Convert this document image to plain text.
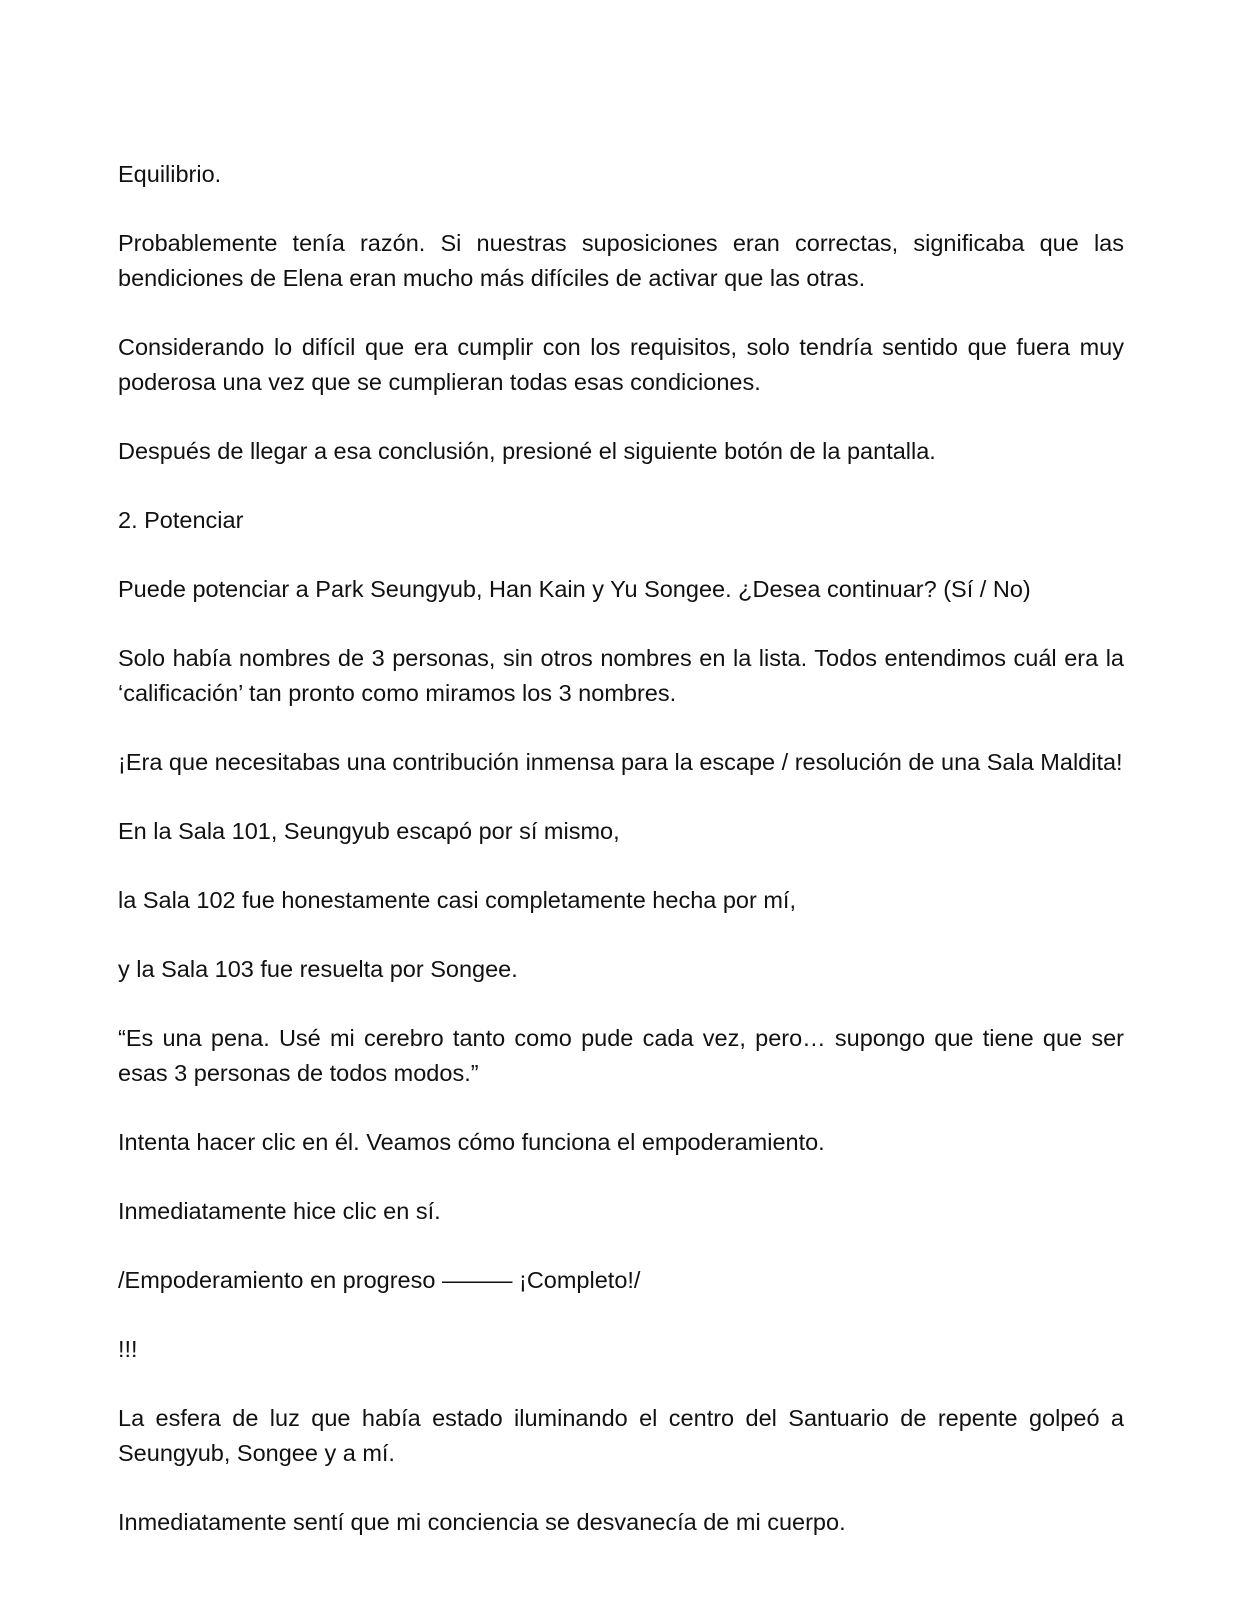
Equilibrio.

Probablemente tenía razón. Si nuestras suposiciones eran correctas, significaba que las bendiciones de Elena eran mucho más difíciles de activar que las otras.

Considerando lo difícil que era cumplir con los requisitos, solo tendría sentido que fuera muy poderosa una vez que se cumplieran todas esas condiciones.

Después de llegar a esa conclusión, presioné el siguiente botón de la pantalla.

2. Potenciar

Puede potenciar a Park Seungyub, Han Kain y Yu Songee. ¿Desea continuar? (Sí / No)

Solo había nombres de 3 personas, sin otros nombres en la lista. Todos entendimos cuál era la ‘calificación’ tan pronto como miramos los 3 nombres.

¡Era que necesitabas una contribución inmensa para la escape / resolución de una Sala Maldita!

En la Sala 101, Seungyub escapó por sí mismo,

la Sala 102 fue honestamente casi completamente hecha por mí,

y la Sala 103 fue resuelta por Songee.

“Es una pena. Usé mi cerebro tanto como pude cada vez, pero… supongo que tiene que ser esas 3 personas de todos modos.”

Intenta hacer clic en él. Veamos cómo funciona el empoderamiento.

Inmediatamente hice clic en sí.

/Empoderamiento en progreso ——— ¡Completo!/

!!!

La esfera de luz que había estado iluminando el centro del Santuario de repente golpeó a Seungyub, Songee y a mí.

Inmediatamente sentí que mi conciencia se desvanecía de mi cuerpo.
